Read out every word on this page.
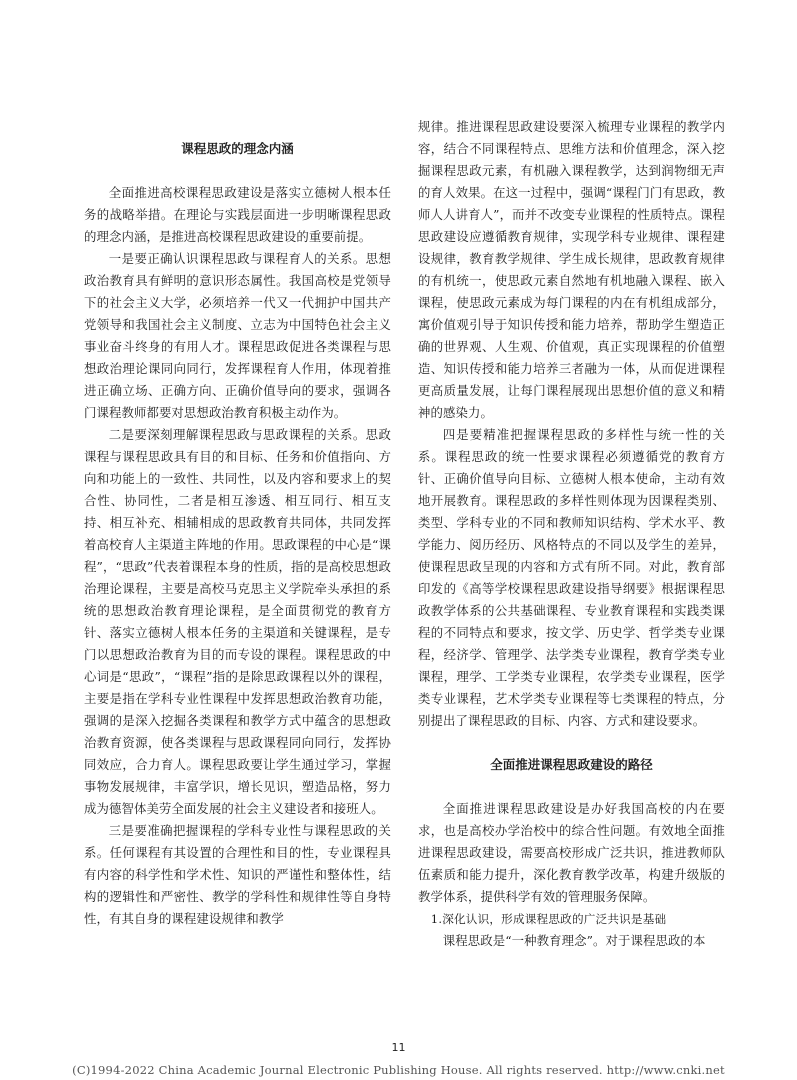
课程思政的理念内涵

全面推进高校课程思政建设是落实立德树人根本任务的战略举措。在理论与实践层面进一步明晰课程思政的理念内涵，是推进高校课程思政建设的重要前提。

一是要正确认识课程思政与课程育人的关系。思想政治教育具有鲜明的意识形态属性。我国高校是党领导下的社会主义大学，必须培养一代又一代拥护中国共产党领导和我国社会主义制度、立志为中国特色社会主义事业奋斗终身的有用人才。课程思政促进各类课程与思想政治理论课同向同行，发挥课程育人作用，体现着推进正确立场、正确方向、正确价值导向的要求，强调各门课程教师都要对思想政治教育积极主动作为。

二是要深刻理解课程思政与思政课程的关系。思政课程与课程思政具有目的和目标、任务和价值指向、方向和功能上的一致性、共同性，以及内容和要求上的契合性、协同性，二者是相互渗透、相互同行、相互支持、相互补充、相辅相成的思政教育共同体，共同发挥着高校育人主渠道主阵地的作用。思政课程的中心是“课程”，“思政”代表着课程本身的性质，指的是高校思想政治理论课程，主要是高校马克思主义学院牵头承担的系统的思想政治教育理论课程，是全面贯彻党的教育方针、落实立德树人根本任务的主渠道和关键课程，是专门以思想政治教育为目的而专设的课程。课程思政的中心词是“思政”，“课程”指的是除思政课程以外的课程，主要是指在学科专业性课程中发挥思想政治教育功能，强调的是深入挖掘各类课程和教学方式中蕴含的思想政治教育资源，使各类课程与思政课程同向同行，发挥协同效应，合力育人。课程思政要让学生通过学习，掌握事物发展规律，丰富学识，增长见识，塑造品格，努力成为德智体美劳全面发展的社会主义建设者和接班人。

三是要准确把握课程的学科专业性与课程思政的关系。任何课程有其设置的合理性和目的性，专业课程具有内容的科学性和学术性、知识的严谨性和整体性，结构的逻辑性和严密性、教学的学科性和规律性等自身特性，有其自身的课程建设规律和教学

规律。推进课程思政建设要深入梳理专业课程的教学内容，结合不同课程特点、思维方法和价值理念，深入挖掘课程思政元素，有机融入课程教学，达到润物细无声的育人效果。在这一过程中，强调“课程门门有思政，教师人人讲育人”，而并不改变专业课程的性质特点。课程思政建设应遵循教育规律，实现学科专业规律、课程建设规律，教育教学规律、学生成长规律，思政教育规律的有机统一，使思政元素自然地有机地融入课程、嵌入课程，使思政元素成为每门课程的内在有机组成部分，寓价值观引导于知识传授和能力培养，帮助学生塑造正确的世界观、人生观、价值观，真正实现课程的价值塑造、知识传授和能力培养三者融为一体，从而促进课程更高质量发展，让每门课程展现出思想价值的意义和精神的感染力。

四是要精准把握课程思政的多样性与统一性的关系。课程思政的统一性要求课程必须遵循党的教育方针、正确价值导向目标、立德树人根本使命，主动有效地开展教育。课程思政的多样性则体现为因课程类别、类型、学科专业的不同和教师知识结构、学术水平、教学能力、阅历经历、风格特点的不同以及学生的差异，使课程思政呈现的内容和方式有所不同。对此，教育部印发的《高等学校课程思政建设指导纲要》根据课程思政教学体系的公共基础课程、专业教育课程和实践类课程的不同特点和要求，按文学、历史学、哲学类专业课程，经济学、管理学、法学类专业课程，教育学类专业课程，理学、工学类专业课程，农学类专业课程，医学类专业课程，艺术学类专业课程等七类课程的特点，分别提出了课程思政的目标、内容、方式和建设要求。

全面推进课程思政建设的路径

全面推进课程思政建设是办好我国高校的内在要求，也是高校办学治校中的综合性问题。有效地全面推进课程思政建设，需要高校形成广泛共识，推进教师队伍素质和能力提升，深化教育教学改革，构建升级版的教学体系，提供科学有效的管理服务保障。

1.深化认识，形成课程思政的广泛共识是基础

课程思政是“一种教育理念”。对于课程思政的本

11
(C)1994-2022 China Academic Journal Electronic Publishing House. All rights reserved. http://www.cnki.net
